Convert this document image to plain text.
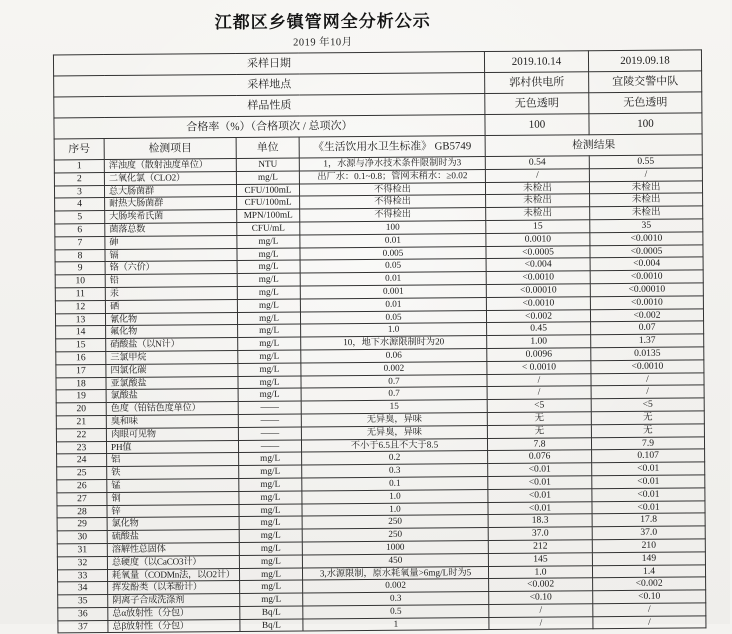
江都区乡镇管网全分析公示
2019 年10月
采样日期				2019.10.14	2019.09.18
采样地点				郭村供电所	宜陵交警中队
样品性质				无色透明	无色透明
合格率（%）（合格项次 / 总项次）				100	100
序号	检测项目	单位	《生活饮用水卫生标准》 GB5749	检测结果	
1	浑浊度（散射浊度单位）	NTU	1，水源与净水技术条件限制时为3	0.54	0.55
2	二氧化氯（CLO2）	mg/L	出厂水：0.1~0.8；管网末稍水：≥0.02	/	/
3	总大肠菌群	CFU/100mL	不得检出	未检出	未检出
4	耐热大肠菌群	CFU/100mL	不得检出	未检出	未检出
5	大肠埃希氏菌	MPN/100mL	不得检出	未检出	未检出
6	菌落总数	CFU/mL	100	15	35
7	砷	mg/L	0.01	0.0010	<0.0010
8	镉	mg/L	0.005	<0.0005	<0.0005
9	铬（六价）	mg/L	0.05	<0.004	<0.004
10	铅	mg/L	0.01	<0.0010	<0.0010
11	汞	mg/L	0.001	<0.00010	<0.00010
12	硒	mg/L	0.01	<0.0010	<0.0010
13	氰化物	mg/L	0.05	<0.002	<0.002
14	氟化物	mg/L	1.0	0.45	0.07
15	硝酸盐（以N计）	mg/L	10，地下水源限制时为20	1.00	1.37
16	三氯甲烷	mg/L	0.06	0.0096	0.0135
17	四氯化碳	mg/L	0.002	< 0.0010	<0.0010
18	亚氯酸盐	mg/L	0.7	/	/
19	氯酸盐	mg/L	0.7	/	/
20	色度（铂钴色度单位）	——	15	<5	<5
21	臭和味	——	无异臭，异味	无	无
22	肉眼可见物	——	无异臭，异味	无	无
23	PH值	——	不小于6.5且不大于8.5	7.8	7.9
24	铝	mg/L	0.2	0.076	0.107
25	铁	mg/L	0.3	<0.01	<0.01
26	锰	mg/L	0.1	<0.01	<0.01
27	铜	mg/L	1.0	<0.01	<0.01
28	锌	mg/L	1.0	<0.01	<0.01
29	氯化物	mg/L	250	18.3	17.8
30	硫酸盐	mg/L	250	37.0	37.0
31	溶解性总固体	mg/L	1000	212	210
32	总硬度（以CaCO3计）	mg/L	450	145	149
33	耗氧量（CODMn法，以O2计）	mg/L	3,水源限制，原水耗氧量>6mg/L时为5	1.0	1.4
34	挥发酚类（以苯酚计）	mg/L	0.002	<0.002	<0.002
35	阴离子合成洗涤剂	mg/L	0.3	<0.10	<0.10
36	总α放射性（分包）	Bq/L	0.5	/	/
37	总β放射性（分包）	Bq/L	1	/	/
